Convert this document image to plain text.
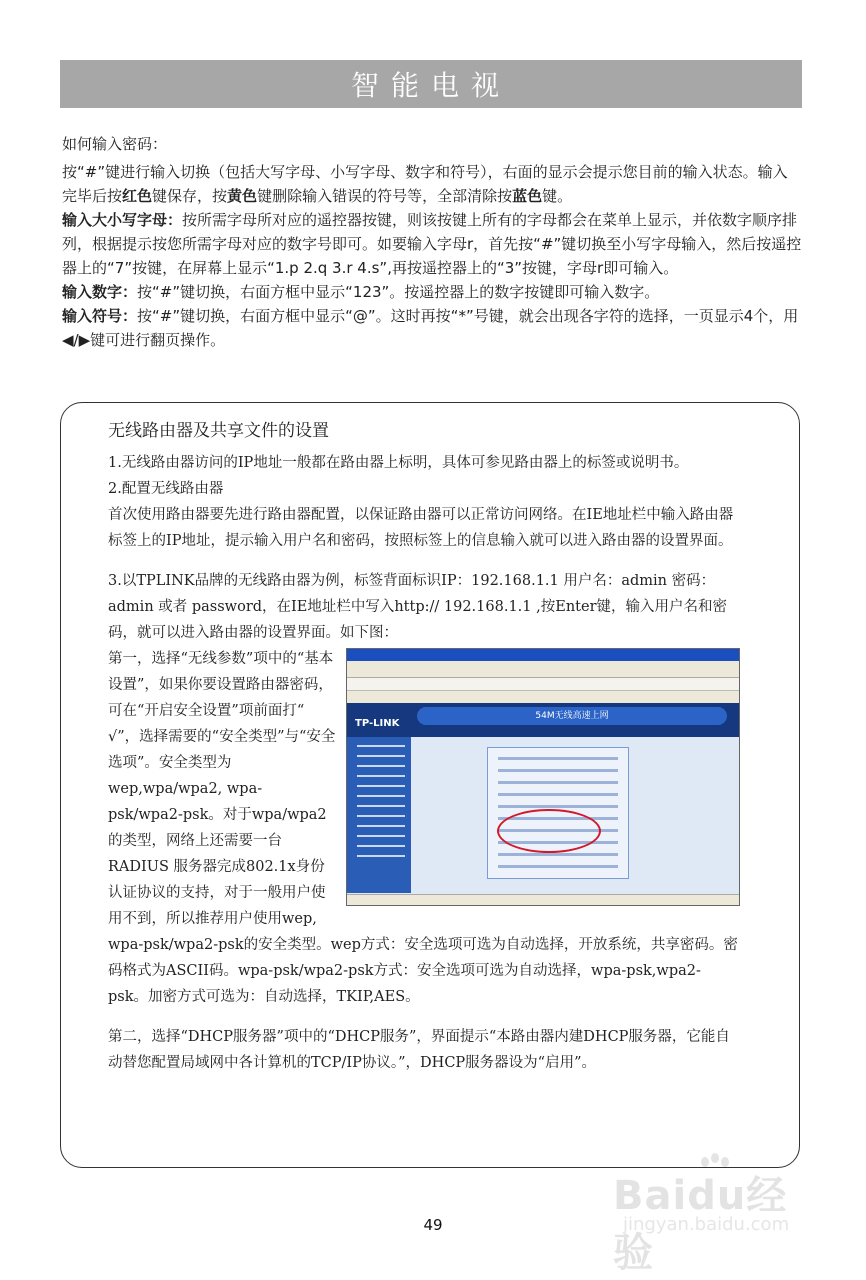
智能电视

如何输入密码：

按“#”键进行输入切换（包括大写字母、小写字母、数字和符号），右面的显示会提示您目前的输入状态。输入完毕后按红色键保存，按黄色键删除输入错误的符号等，全部清除按蓝色键。

输入大小写字母：按所需字母所对应的遥控器按键，则该按键上所有的字母都会在菜单上显示，并依数字顺序排列，根据提示按您所需字母对应的数字号即可。如要输入字母r，首先按“#”键切换至小写字母输入，然后按遥控器上的“7”按键，在屏幕上显示“1.p 2.q 3.r 4.s”,再按遥控器上的“3”按键，字母r即可输入。

输入数字：按“#”键切换，右面方框中显示“123”。按遥控器上的数字按键即可输入数字。

输入符号：按“#”键切换，右面方框中显示“@”。这时再按“*”号键，就会出现各字符的选择，一页显示4个，用◀/▶键可进行翻页操作。

无线路由器及共享文件的设置

1.无线路由器访问的IP地址一般都在路由器上标明，具体可参见路由器上的标签或说明书。

2.配置无线路由器

首次使用路由器要先进行路由器配置，以保证路由器可以正常访问网络。在IE地址栏中输入路由器标签上的IP地址，提示输入用户名和密码，按照标签上的信息输入就可以进入路由器的设置界面。

3.以TPLINK品牌的无线路由器为例，标签背面标识IP：192.168.1.1 用户名：admin 密码：admin 或者 password，在IE地址栏中写入http:// 192.168.1.1 ,按Enter键，输入用户名和密码，就可以进入路由器的设置界面。如下图：

TP-LINK
54M无线高速上网
第一，选择“无线参数”项中的“基本设置”，如果你要设置路由器密码，可在“开启安全设置”项前面打“ √”，选择需要的“安全类型”与“安全选项”。安全类型为wep,wpa/wpa2, wpa-psk/wpa2-psk。对于wpa/wpa2的类型，网络上还需要一台 RADIUS 服务器完成802.1x身份认证协议的支持，对于一般用户使用不到，所以推荐用户使用wep, wpa-psk/wpa2-psk的安全类型。wep方式：安全选项可选为自动选择，开放系统，共享密码。密码格式为ASCII码。wpa-psk/wpa2-psk方式：安全选项可选为自动选择，wpa-psk,wpa2-psk。加密方式可选为：自动选择，TKIP,AES。

第二，选择“DHCP服务器”项中的“DHCP服务”，界面提示“本路由器内建DHCP服务器，它能自动替您配置局域网中各计算机的TCP/IP协议。”，DHCP服务器设为“启用”。

49
Baidu经验
jingyan.baidu.com
